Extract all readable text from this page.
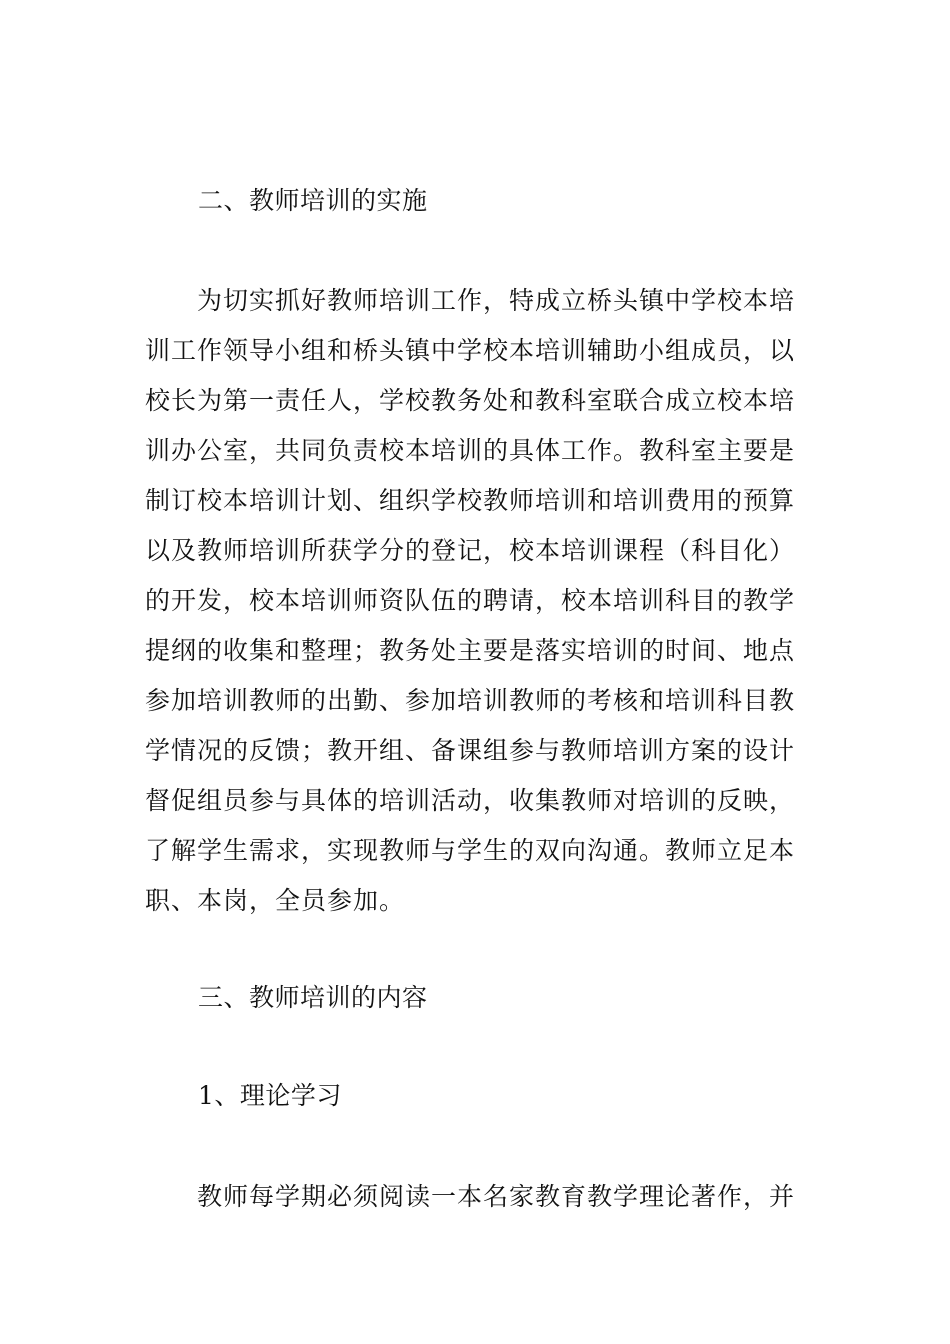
二、教师培训的实施
为切实抓好教师培训工作，特成立桥头镇中学校本培
训工作领导小组和桥头镇中学校本培训辅助小组成员，以
校长为第一责任人，学校教务处和教科室联合成立校本培
训办公室，共同负责校本培训的具体工作。教科室主要是
制订校本培训计划、组织学校教师培训和培训费用的预算
以及教师培训所获学分的登记，校本培训课程（科目化）
的开发，校本培训师资队伍的聘请，校本培训科目的教学
提纲的收集和整理；教务处主要是落实培训的时间、地点
参加培训教师的出勤、参加培训教师的考核和培训科目教
学情况的反馈；教开组、备课组参与教师培训方案的设计
督促组员参与具体的培训活动，收集教师对培训的反映，
了解学生需求，实现教师与学生的双向沟通。教师立足本
职、本岗，全员参加。
三、教师培训的内容
1、理论学习
教师每学期必须阅读一本名家教育教学理论著作，并
